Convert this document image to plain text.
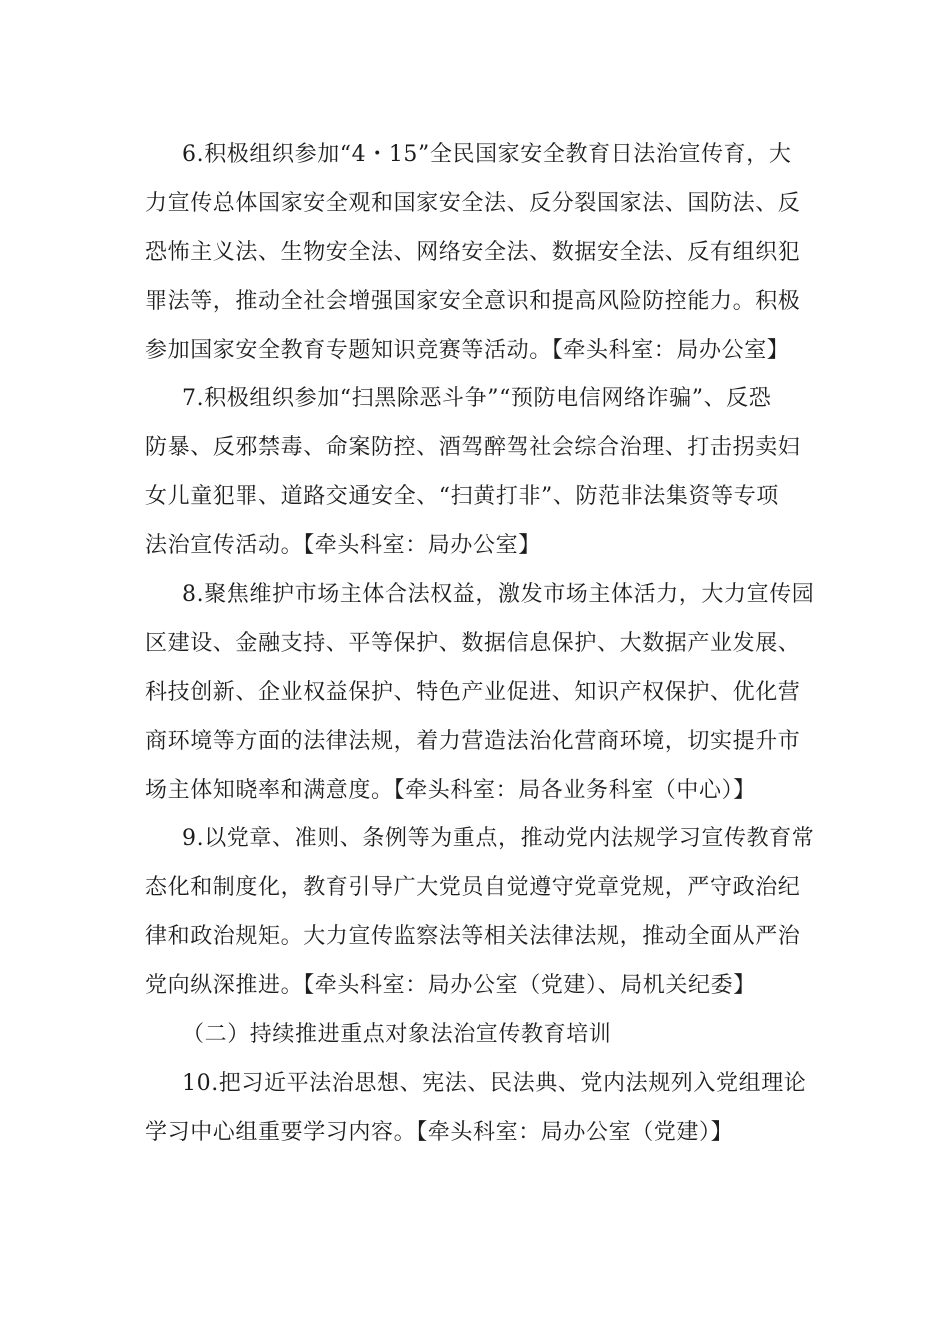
6.积极组织参加“4・15”全民国家安全教育日法治宣传育，大
力宣传总体国家安全观和国家安全法、反分裂国家法、国防法、反
恐怖主义法、生物安全法、网络安全法、数据安全法、反有组织犯
罪法等，推动全社会增强国家安全意识和提高风险防控能力。积极
参加国家安全教育专题知识竞赛等活动。【牵头科室：局办公室】
7.积极组织参加“扫黑除恶斗争”“预防电信网络诈骗”、反恐
防暴、反邪禁毒、命案防控、酒驾醉驾社会综合治理、打击拐卖妇
女儿童犯罪、道路交通安全、“扫黄打非”、防范非法集资等专项
法治宣传活动。【牵头科室：局办公室】
8.聚焦维护市场主体合法权益，激发市场主体活力，大力宣传园
区建设、金融支持、平等保护、数据信息保护、大数据产业发展、
科技创新、企业权益保护、特色产业促进、知识产权保护、优化营
商环境等方面的法律法规，着力营造法治化营商环境，切实提升市
场主体知晓率和满意度。【牵头科室：局各业务科室（中心）】
9.以党章、准则、条例等为重点，推动党内法规学习宣传教育常
态化和制度化，教育引导广大党员自觉遵守党章党规，严守政治纪
律和政治规矩。大力宣传监察法等相关法律法规，推动全面从严治
党向纵深推进。【牵头科室：局办公室（党建）、局机关纪委】
（二）持续推进重点对象法治宣传教育培训
10.把习近平法治思想、宪法、民法典、党内法规列入党组理论
学习中心组重要学习内容。【牵头科室：局办公室（党建）】
